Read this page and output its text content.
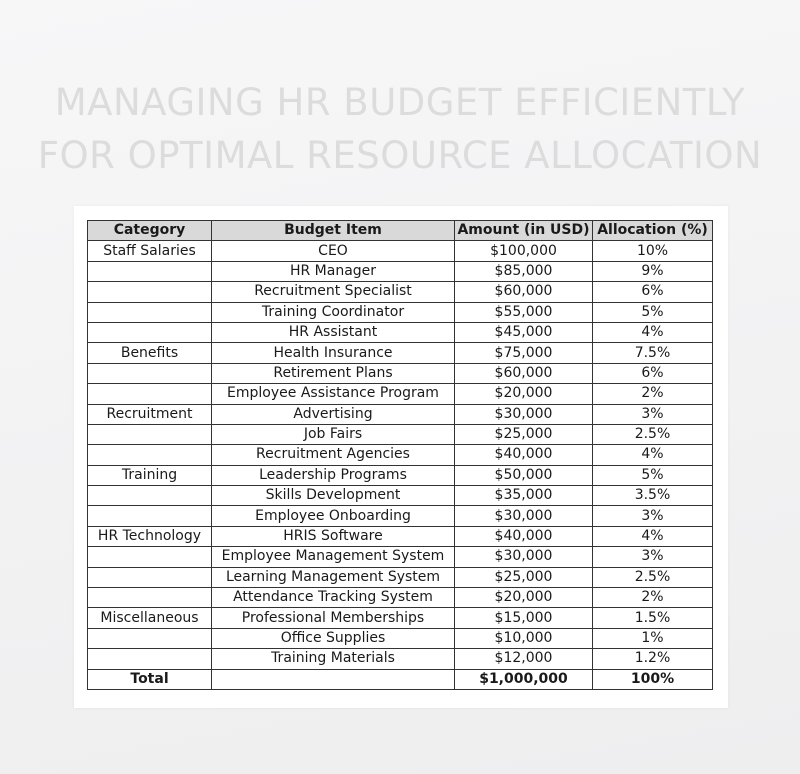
MANAGING HR BUDGET EFFICIENTLY
FOR OPTIMAL RESOURCE ALLOCATION
Category	Budget Item	Amount (in USD)	Allocation (%)
Staff Salaries	CEO	$100,000	10%
	HR Manager	$85,000	9%
	Recruitment Specialist	$60,000	6%
	Training Coordinator	$55,000	5%
	HR Assistant	$45,000	4%
Benefits	Health Insurance	$75,000	7.5%
	Retirement Plans	$60,000	6%
	Employee Assistance Program	$20,000	2%
Recruitment	Advertising	$30,000	3%
	Job Fairs	$25,000	2.5%
	Recruitment Agencies	$40,000	4%
Training	Leadership Programs	$50,000	5%
	Skills Development	$35,000	3.5%
	Employee Onboarding	$30,000	3%
HR Technology	HRIS Software	$40,000	4%
	Employee Management System	$30,000	3%
	Learning Management System	$25,000	2.5%
	Attendance Tracking System	$20,000	2%
Miscellaneous	Professional Memberships	$15,000	1.5%
	Office Supplies	$10,000	1%
	Training Materials	$12,000	1.2%
Total		$1,000,000	100%
